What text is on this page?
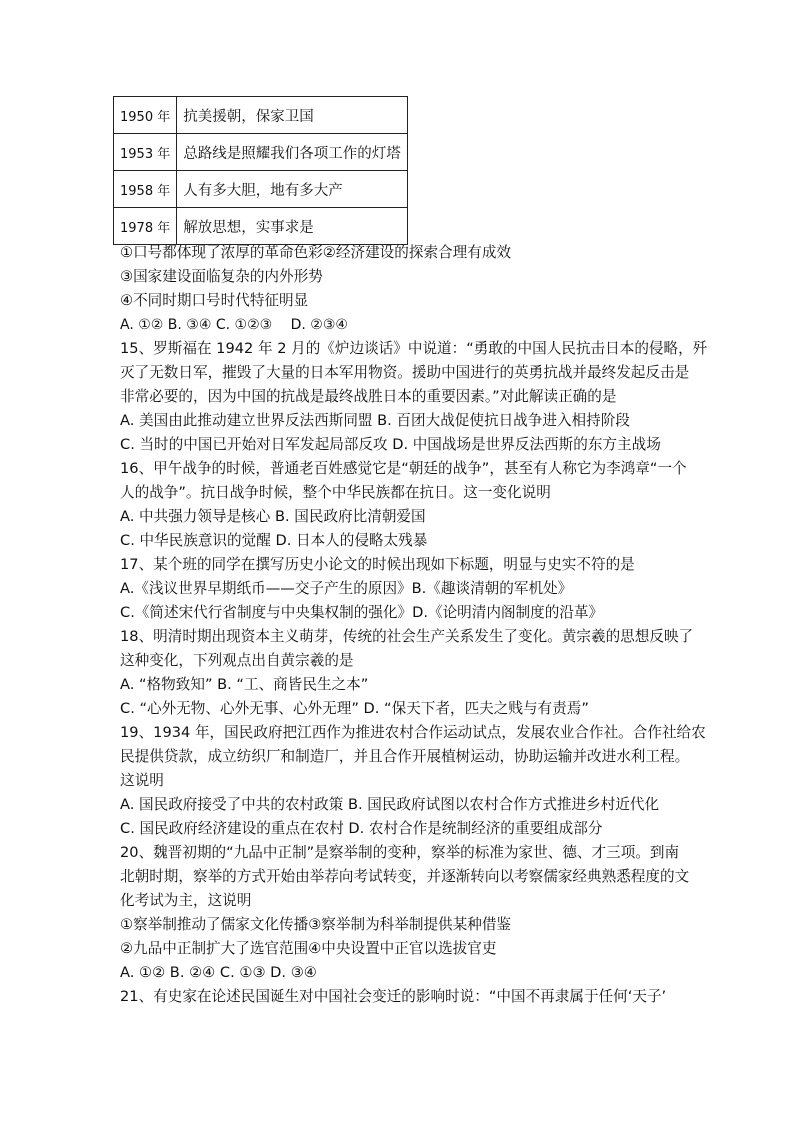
1950 年	抗美援朝，保家卫国
1953 年	总路线是照耀我们各项工作的灯塔
1958 年	人有多大胆，地有多大产
1978 年	解放思想，实事求是
①口号都体现了浓厚的革命色彩②经济建设的探索合理有成效
③国家建设面临复杂的内外形势
④不同时期口号时代特征明显
A. ①② B. ③④ C. ①②③　 D. ②③④
15、罗斯福在 1942 年 2 月的《炉边谈话》中说道：“勇敢的中国人民抗击日本的侵略，歼
灭了无数日军，摧毁了大量的日本军用物资。援助中国进行的英勇抗战并最终发起反击是
非常必要的，因为中国的抗战是最终战胜日本的重要因素。”对此解读正确的是
A. 美国由此推动建立世界反法西斯同盟 B. 百团大战促使抗日战争进入相持阶段
C. 当时的中国已开始对日军发起局部反攻 D. 中国战场是世界反法西斯的东方主战场
16、甲午战争的时候，普通老百姓感觉它是“朝廷的战争”，甚至有人称它为李鸿章“一个
人的战争”。抗日战争时候，整个中华民族都在抗日。这一变化说明
A. 中共强力领导是核心 B. 国民政府比清朝爱国
C. 中华民族意识的觉醒 D. 日本人的侵略太残暴
17、某个班的同学在撰写历史小论文的时候出现如下标题，明显与史实不符的是
A.《浅议世界早期纸币——交子产生的原因》B.《趣谈清朝的军机处》
C.《简述宋代行省制度与中央集权制的强化》D.《论明清内阁制度的沿革》
18、明清时期出现资本主义萌芽，传统的社会生产关系发生了变化。黄宗羲的思想反映了
这种变化，下列观点出自黄宗羲的是
A. “格物致知” B. “工、商皆民生之本”
C. “心外无物、心外无事、心外无理” D. “保天下者，匹夫之贱与有责焉”
19、1934 年，国民政府把江西作为推进农村合作运动试点，发展农业合作社。合作社给农
民提供贷款，成立纺织厂和制造厂，并且合作开展植树运动，协助运输并改进水利工程。
这说明
A. 国民政府接受了中共的农村政策 B. 国民政府试图以农村合作方式推进乡村近代化
C. 国民政府经济建设的重点在农村 D. 农村合作是统制经济的重要组成部分
20、魏晋初期的“九品中正制”是察举制的变种，察举的标准为家世、德、才三项。到南
北朝时期，察举的方式开始由举荐向考试转变，并逐渐转向以考察儒家经典熟悉程度的文
化考试为主，这说明
①察举制推动了儒家文化传播③察举制为科举制提供某种借鉴
②九品中正制扩大了选官范围④中央设置中正官以选拔官吏
A. ①② B. ②④ C. ①③ D. ③④
21、有史家在论述民国诞生对中国社会变迁的影响时说：“中国不再隶属于任何‘天子’
